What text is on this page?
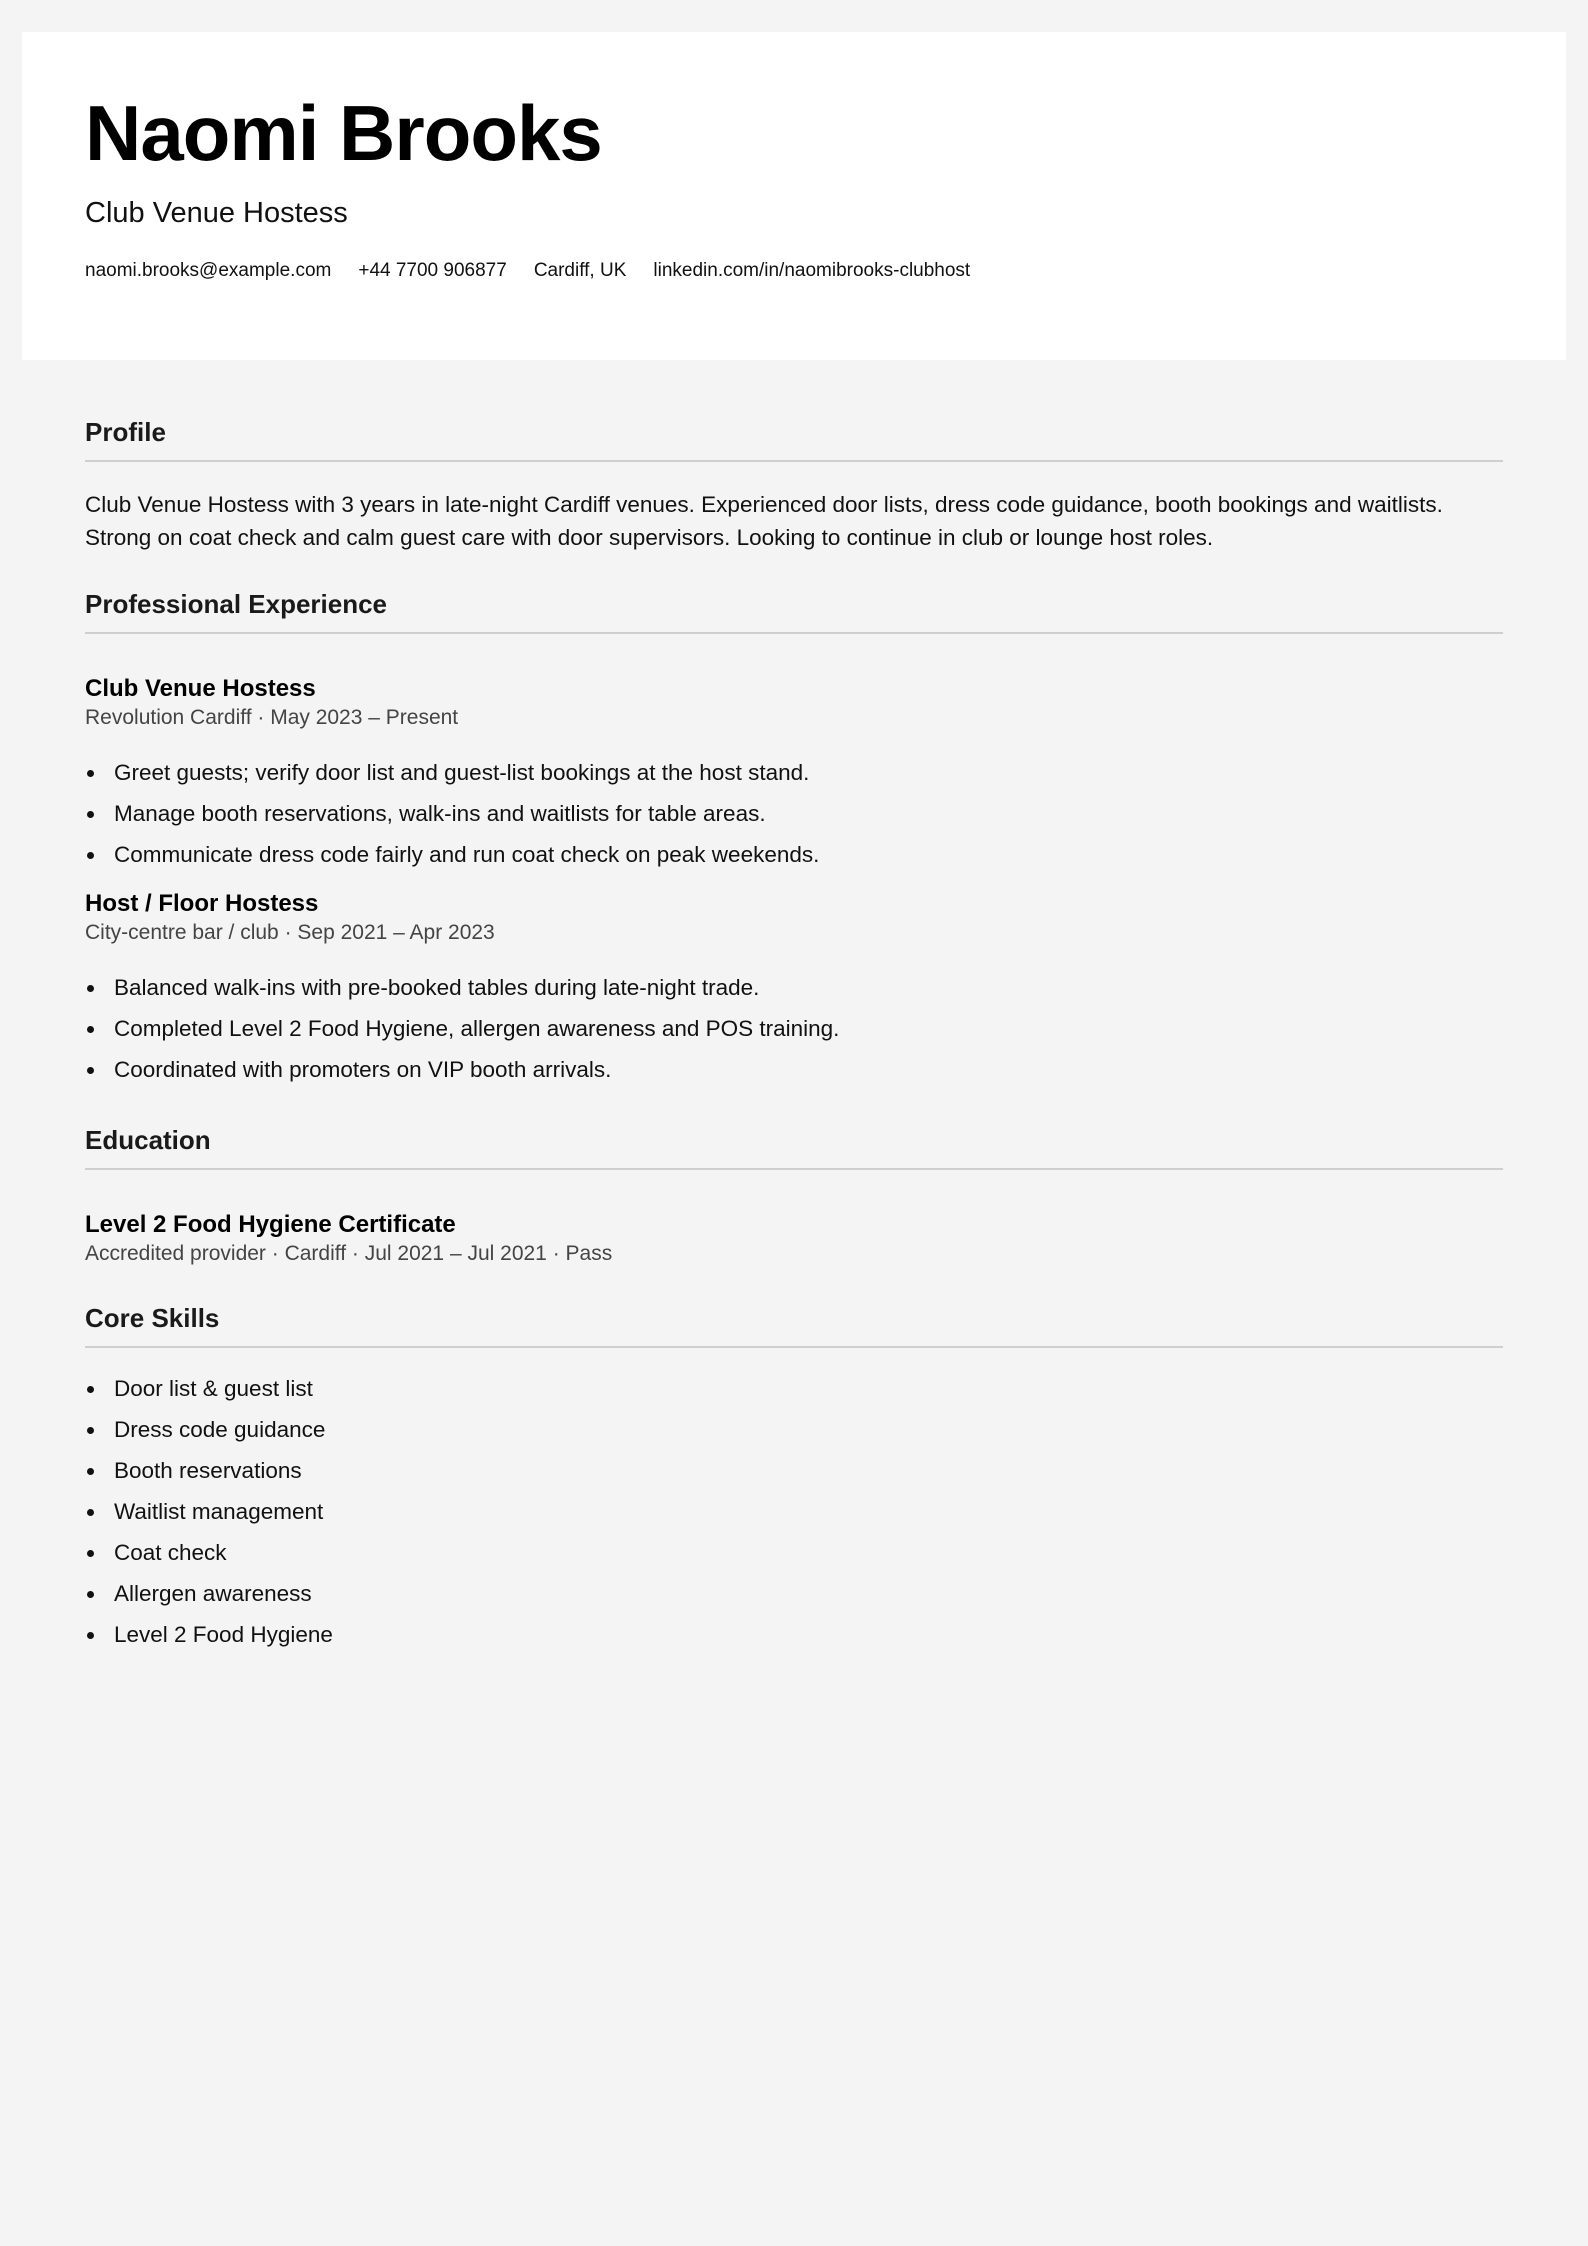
Naomi Brooks
Club Venue Hostess
naomi.brooks@example.com +44 7700 906877 Cardiff, UK linkedin.com/in/naomibrooks-clubhost
Profile

Club Venue Hostess with 3 years in late-night Cardiff venues. Experienced door lists, dress code guidance, booth bookings and waitlists. Strong on coat check and calm guest care with door supervisors. Looking to continue in club or lounge host roles.

Professional Experience
Club Venue Hostess
Revolution Cardiff · May 2023 – Present
Greet guests; verify door list and guest-list bookings at the host stand.
Manage booth reservations, walk-ins and waitlists for table areas.
Communicate dress code fairly and run coat check on peak weekends.
Host / Floor Hostess
City-centre bar / club · Sep 2021 – Apr 2023
Balanced walk-ins with pre-booked tables during late-night trade.
Completed Level 2 Food Hygiene, allergen awareness and POS training.
Coordinated with promoters on VIP booth arrivals.
Education
Level 2 Food Hygiene Certificate
Accredited provider · Cardiff · Jul 2021 – Jul 2021 · Pass
Core Skills
Door list & guest list
Dress code guidance
Booth reservations
Waitlist management
Coat check
Allergen awareness
Level 2 Food Hygiene
